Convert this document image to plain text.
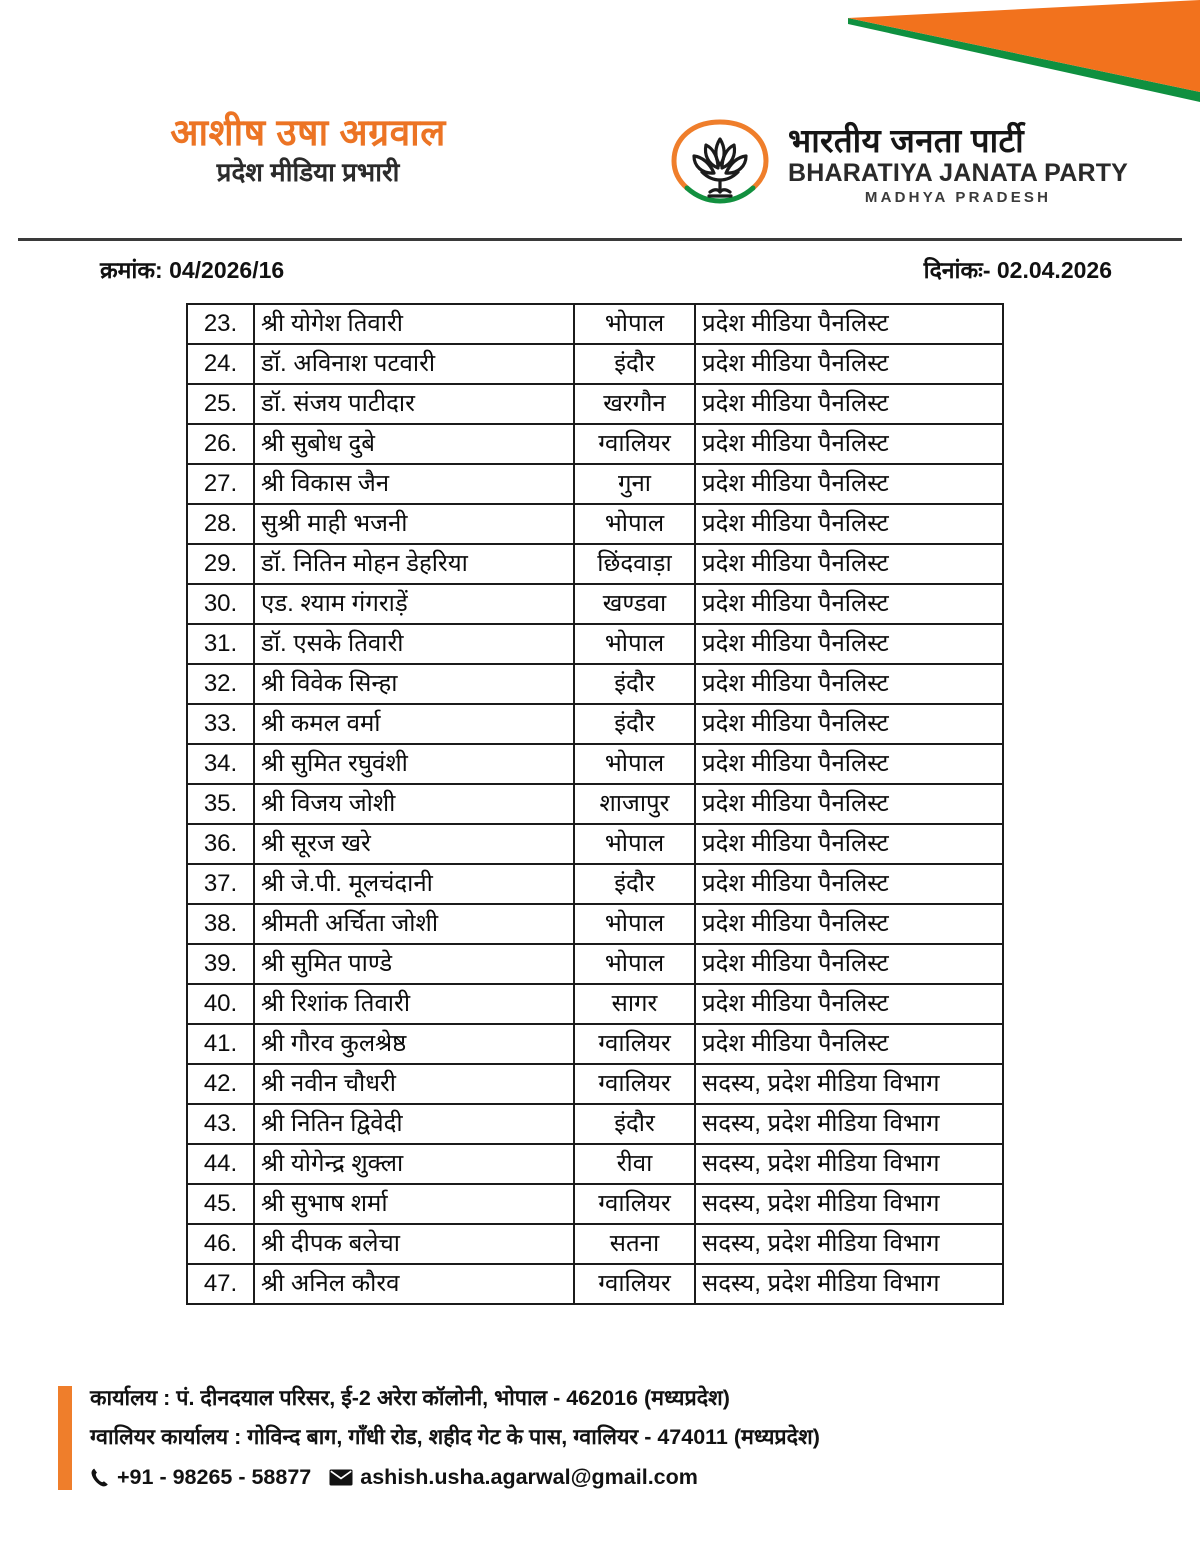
आशीष उषा अग्रवाल
प्रदेश मीडिया प्रभारी
भारतीय जनता पार्टी
BHARATIYA JANATA PARTY
MADHYA PRADESH
क्रमांक: 04/2026/16	दिनांकः- 02.04.2026
23.	श्री योगेश तिवारी	भोपाल	प्रदेश मीडिया पैनलिस्ट
24.	डॉ. अविनाश पटवारी	इंदौर	प्रदेश मीडिया पैनलिस्ट
25.	डॉ. संजय पाटीदार	खरगौन	प्रदेश मीडिया पैनलिस्ट
26.	श्री सुबोध दुबे	ग्वालियर	प्रदेश मीडिया पैनलिस्ट
27.	श्री विकास जैन	गुना	प्रदेश मीडिया पैनलिस्ट
28.	सुश्री माही भजनी	भोपाल	प्रदेश मीडिया पैनलिस्ट
29.	डॉ. नितिन मोहन डेहरिया	छिंदवाड़ा	प्रदेश मीडिया पैनलिस्ट
30.	एड. श्याम गंगराड़ें	खण्डवा	प्रदेश मीडिया पैनलिस्ट
31.	डॉ. एसके तिवारी	भोपाल	प्रदेश मीडिया पैनलिस्ट
32.	श्री विवेक सिन्हा	इंदौर	प्रदेश मीडिया पैनलिस्ट
33.	श्री कमल वर्मा	इंदौर	प्रदेश मीडिया पैनलिस्ट
34.	श्री सुमित रघुवंशी	भोपाल	प्रदेश मीडिया पैनलिस्ट
35.	श्री विजय जोशी	शाजापुर	प्रदेश मीडिया पैनलिस्ट
36.	श्री सूरज खरे	भोपाल	प्रदेश मीडिया पैनलिस्ट
37.	श्री जे.पी. मूलचंदानी	इंदौर	प्रदेश मीडिया पैनलिस्ट
38.	श्रीमती अर्चिता जोशी	भोपाल	प्रदेश मीडिया पैनलिस्ट
39.	श्री सुमित पाण्डे	भोपाल	प्रदेश मीडिया पैनलिस्ट
40.	श्री रिशांक तिवारी	सागर	प्रदेश मीडिया पैनलिस्ट
41.	श्री गौरव कुलश्रेष्ठ	ग्वालियर	प्रदेश मीडिया पैनलिस्ट
42.	श्री नवीन चौधरी	ग्वालियर	सदस्य, प्रदेश मीडिया विभाग
43.	श्री नितिन द्विवेदी	इंदौर	सदस्य, प्रदेश मीडिया विभाग
44.	श्री योगेन्द्र शुक्ला	रीवा	सदस्य, प्रदेश मीडिया विभाग
45.	श्री सुभाष शर्मा	ग्वालियर	सदस्य, प्रदेश मीडिया विभाग
46.	श्री दीपक बलेचा	सतना	सदस्य, प्रदेश मीडिया विभाग
47.	श्री अनिल कौरव	ग्वालियर	सदस्य, प्रदेश मीडिया विभाग
कार्यालय : पं. दीनदयाल परिसर, ई-2 अरेरा कॉलोनी, भोपाल - 462016 (मध्यप्रदेश)
ग्वालियर कार्यालय : गोविन्द बाग, गाँधी रोड, शहीद गेट के पास, ग्वालियर - 474011 (मध्यप्रदेश)
+91 - 98265 - 58877 ashish.usha.agarwal@gmail.com
